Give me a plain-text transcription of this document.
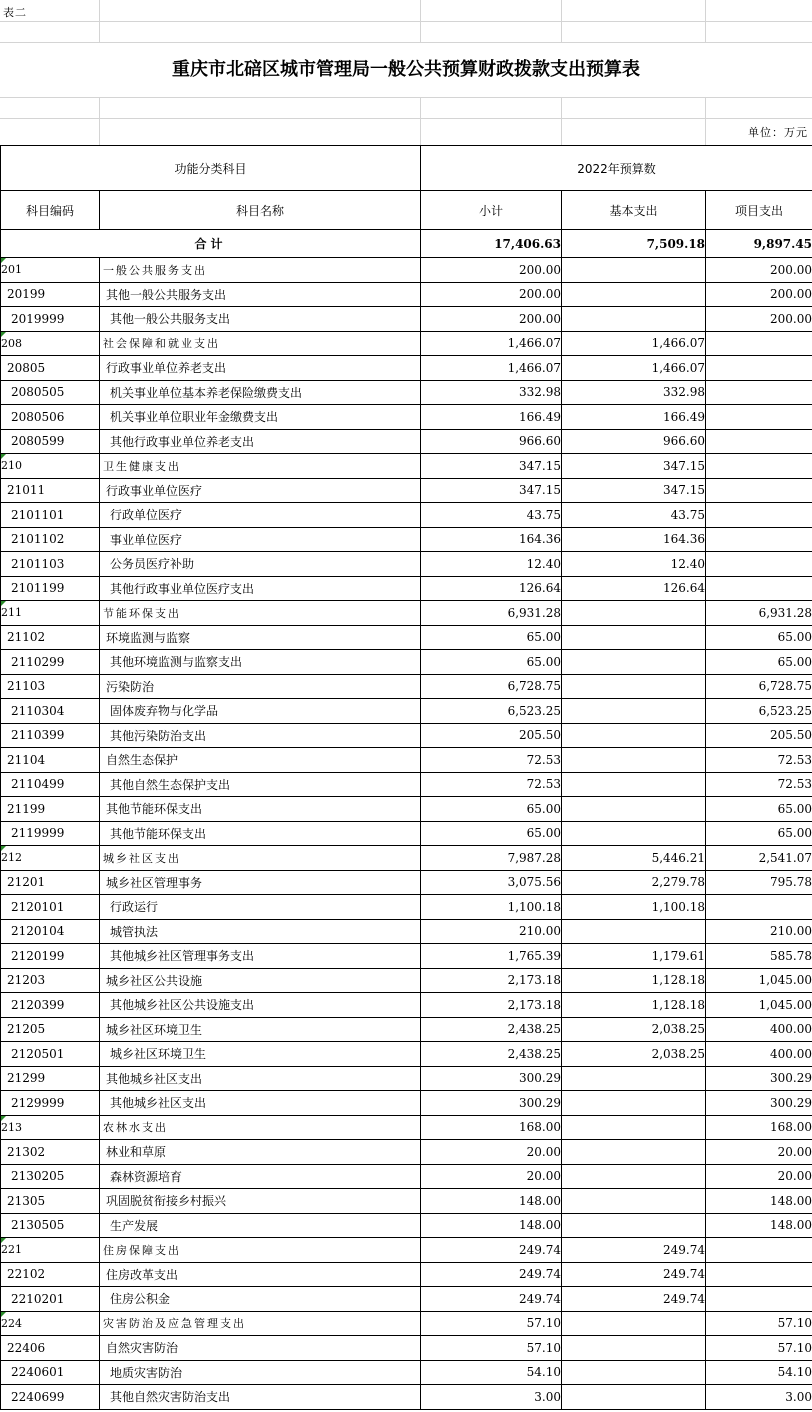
表二
重庆市北碚区城市管理局一般公共预算财政拨款支出预算表
单位：万元
功能分类科目		2022年预算数		
科目编码	科目名称	小计	基本支出	项目支出
合计		17,406.63	7,509.18	9,897.45
201	一般公共服务支出	200.00		200.00
20199	其他一般公共服务支出	200.00		200.00
2019999	其他一般公共服务支出	200.00		200.00
208	社会保障和就业支出	1,466.07	1,466.07	
20805	行政事业单位养老支出	1,466.07	1,466.07	
2080505	机关事业单位基本养老保险缴费支出	332.98	332.98	
2080506	机关事业单位职业年金缴费支出	166.49	166.49	
2080599	其他行政事业单位养老支出	966.60	966.60	
210	卫生健康支出	347.15	347.15	
21011	行政事业单位医疗	347.15	347.15	
2101101	行政单位医疗	43.75	43.75	
2101102	事业单位医疗	164.36	164.36	
2101103	公务员医疗补助	12.40	12.40	
2101199	其他行政事业单位医疗支出	126.64	126.64	
211	节能环保支出	6,931.28		6,931.28
21102	环境监测与监察	65.00		65.00
2110299	其他环境监测与监察支出	65.00		65.00
21103	污染防治	6,728.75		6,728.75
2110304	固体废弃物与化学品	6,523.25		6,523.25
2110399	其他污染防治支出	205.50		205.50
21104	自然生态保护	72.53		72.53
2110499	其他自然生态保护支出	72.53		72.53
21199	其他节能环保支出	65.00		65.00
2119999	其他节能环保支出	65.00		65.00
212	城乡社区支出	7,987.28	5,446.21	2,541.07
21201	城乡社区管理事务	3,075.56	2,279.78	795.78
2120101	行政运行	1,100.18	1,100.18	
2120104	城管执法	210.00		210.00
2120199	其他城乡社区管理事务支出	1,765.39	1,179.61	585.78
21203	城乡社区公共设施	2,173.18	1,128.18	1,045.00
2120399	其他城乡社区公共设施支出	2,173.18	1,128.18	1,045.00
21205	城乡社区环境卫生	2,438.25	2,038.25	400.00
2120501	城乡社区环境卫生	2,438.25	2,038.25	400.00
21299	其他城乡社区支出	300.29		300.29
2129999	其他城乡社区支出	300.29		300.29
213	农林水支出	168.00		168.00
21302	林业和草原	20.00		20.00
2130205	森林资源培育	20.00		20.00
21305	巩固脱贫衔接乡村振兴	148.00		148.00
2130505	生产发展	148.00		148.00
221	住房保障支出	249.74	249.74	
22102	住房改革支出	249.74	249.74	
2210201	住房公积金	249.74	249.74	
224	灾害防治及应急管理支出	57.10		57.10
22406	自然灾害防治	57.10		57.10
2240601	地质灾害防治	54.10		54.10
2240699	其他自然灾害防治支出	3.00		3.00
